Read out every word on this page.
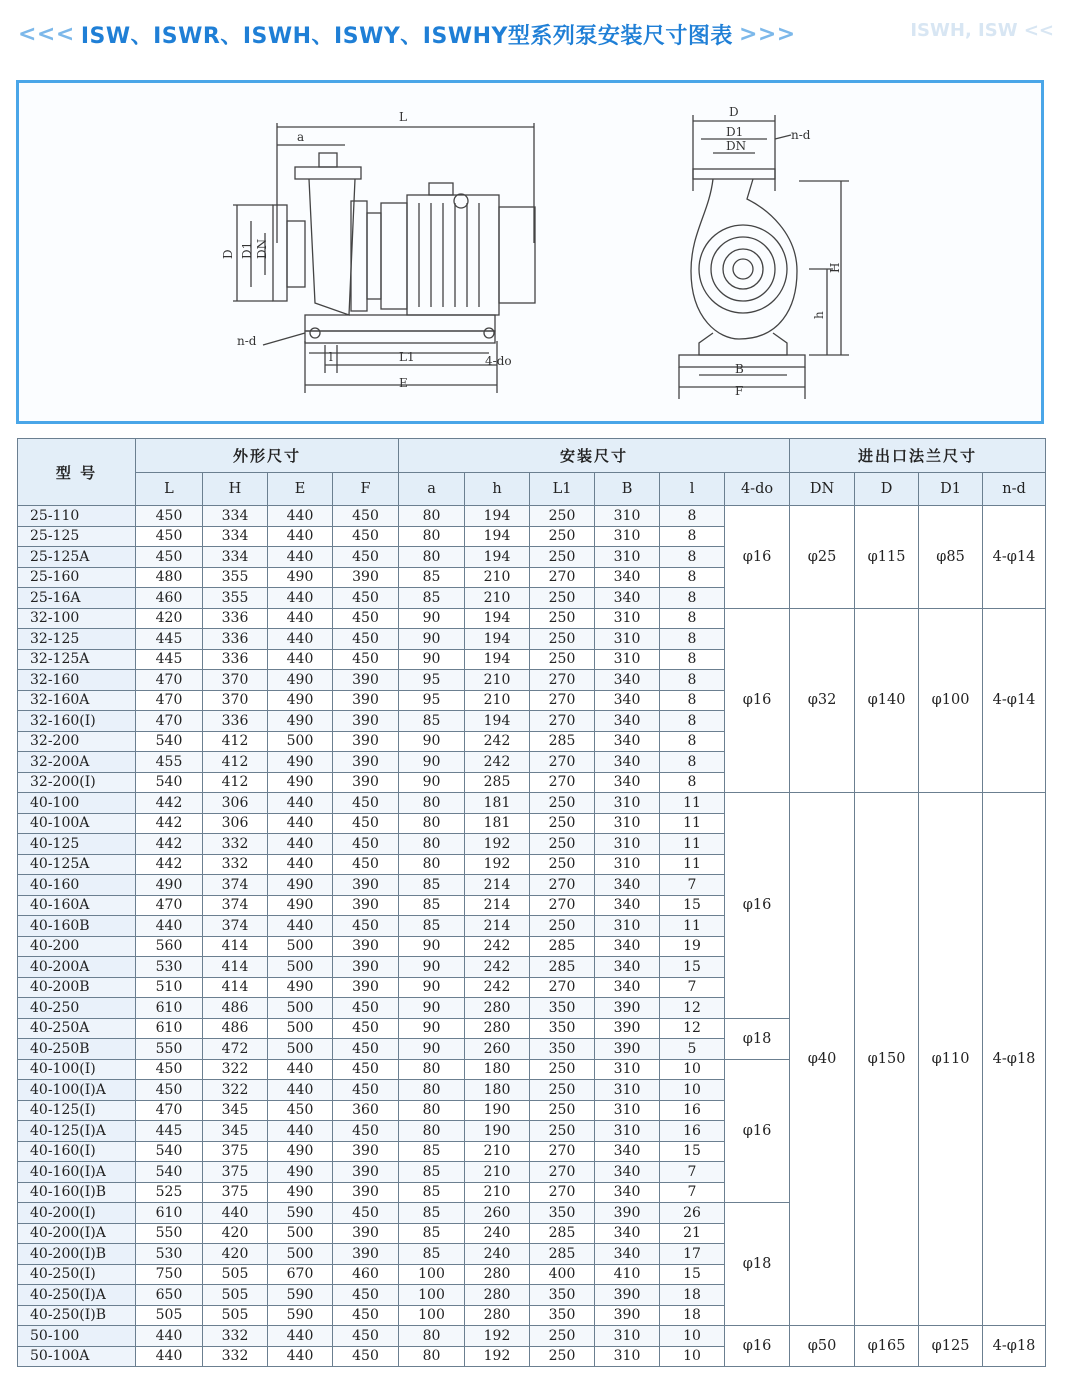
<<< ISW、ISWR、ISWH、ISWY、ISWHY型系列泵安装尺寸图表 >>>	ISWH, ISW <<
L
a
D D1 DN
l	L1	4-do
E
n-d
D
D1
DN
n-d
B
F
H
h
型 号	外形尺寸				安装尺寸						进出口法兰尺寸			
	L	H	E	F	a	h	L1	B	l	4-do	DN	D	D1	n-d
25-110	450	334	440	450	80	194	250	310	8	φ16	φ25	φ115	φ85	4-φ14
25-125	450	334	440	450	80	194	250	310	8					
25-125A	450	334	440	450	80	194	250	310	8					
25-160	480	355	490	390	85	210	270	340	8					
25-16A	460	355	440	450	85	210	250	340	8					
32-100	420	336	440	450	90	194	250	310	8	φ16	φ32	φ140	φ100	4-φ14
32-125	445	336	440	450	90	194	250	310	8					
32-125A	445	336	440	450	90	194	250	310	8					
32-160	470	370	490	390	95	210	270	340	8					
32-160A	470	370	490	390	95	210	270	340	8					
32-160(I)	470	336	490	390	85	194	270	340	8					
32-200	540	412	500	390	90	242	285	340	8					
32-200A	455	412	490	390	90	242	270	340	8					
32-200(I)	540	412	490	390	90	285	270	340	8					
40-100	442	306	440	450	80	181	250	310	11	φ16	φ40	φ150	φ110	4-φ18
40-100A	442	306	440	450	80	181	250	310	11					
40-125	442	332	440	450	80	192	250	310	11					
40-125A	442	332	440	450	80	192	250	310	11					
40-160	490	374	490	390	85	214	270	340	7					
40-160A	470	374	490	390	85	214	270	340	15					
40-160B	440	374	440	450	85	214	250	310	11					
40-200	560	414	500	390	90	242	285	340	19					
40-200A	530	414	500	390	90	242	285	340	15					
40-200B	510	414	490	390	90	242	270	340	7					
40-250	610	486	500	450	90	280	350	390	12					
40-250A	610	486	500	450	90	280	350	390	12	φ18				
40-250B	550	472	500	450	90	260	350	390	5					
40-100(I)	450	322	440	450	80	180	250	310	10	φ16				
40-100(I)A	450	322	440	450	80	180	250	310	10					
40-125(I)	470	345	450	360	80	190	250	310	16					
40-125(I)A	445	345	440	450	80	190	250	310	16					
40-160(I)	540	375	490	390	85	210	270	340	15					
40-160(I)A	540	375	490	390	85	210	270	340	7					
40-160(I)B	525	375	490	390	85	210	270	340	7					
40-200(I)	610	440	590	450	85	260	350	390	26	φ18				
40-200(I)A	550	420	500	390	85	240	285	340	21					
40-200(I)B	530	420	500	390	85	240	285	340	17					
40-250(I)	750	505	670	460	100	280	400	410	15					
40-250(I)A	650	505	590	450	100	280	350	390	18					
40-250(I)B	505	505	590	450	100	280	350	390	18					
50-100	440	332	440	450	80	192	250	310	10	φ16	φ50	φ165	φ125	4-φ18
50-100A	440	332	440	450	80	192	250	310	10					
